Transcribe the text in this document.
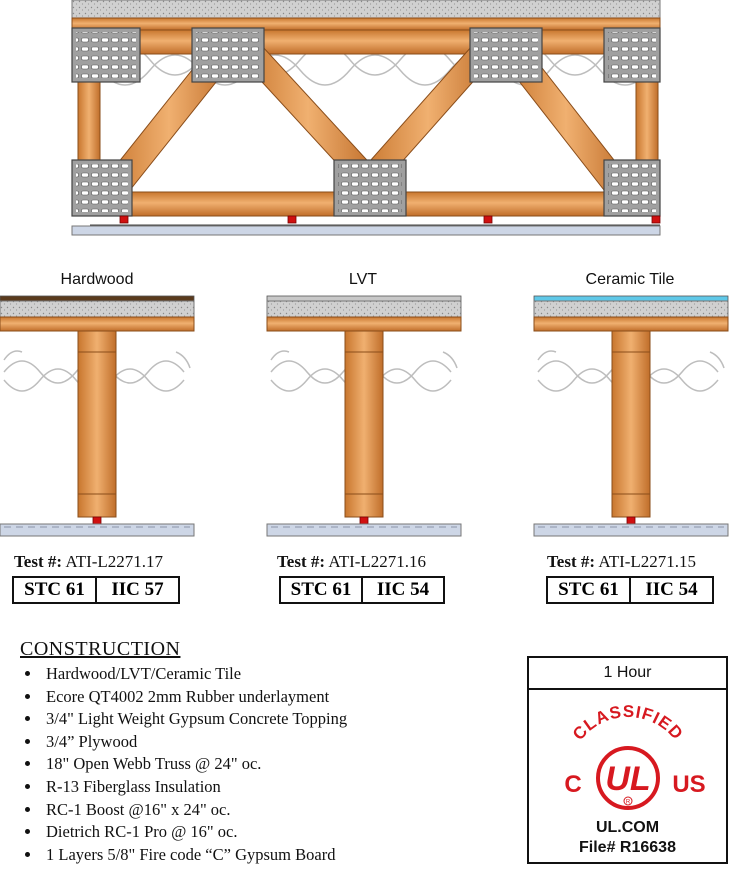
Hardwood	LVT	Ceramic Tile
Test #: ATI-L2271.17
STC 61	IIC 57
Test #: ATI-L2271.16
STC 61	IIC 54
Test #: ATI-L2271.15
STC 61	IIC 54
CONSTRUCTION
• Hardwood/LVT/Ceramic Tile
• Ecore QT4002 2mm Rubber underlayment
• 3/4" Light Weight Gypsum Concrete Topping
• 3/4” Plywood
• 18" Open Webb Truss @ 24" oc.
• R-13 Fiberglass Insulation
• RC-1 Boost @16" x 24" oc.
• Dietrich RC-1 Pro @ 16" oc.
• 1 Layers 5/8" Fire code “C” Gypsum Board
1 Hour
CLASSIFIED
UL
R
C	US
UL.COM
File# R16638
